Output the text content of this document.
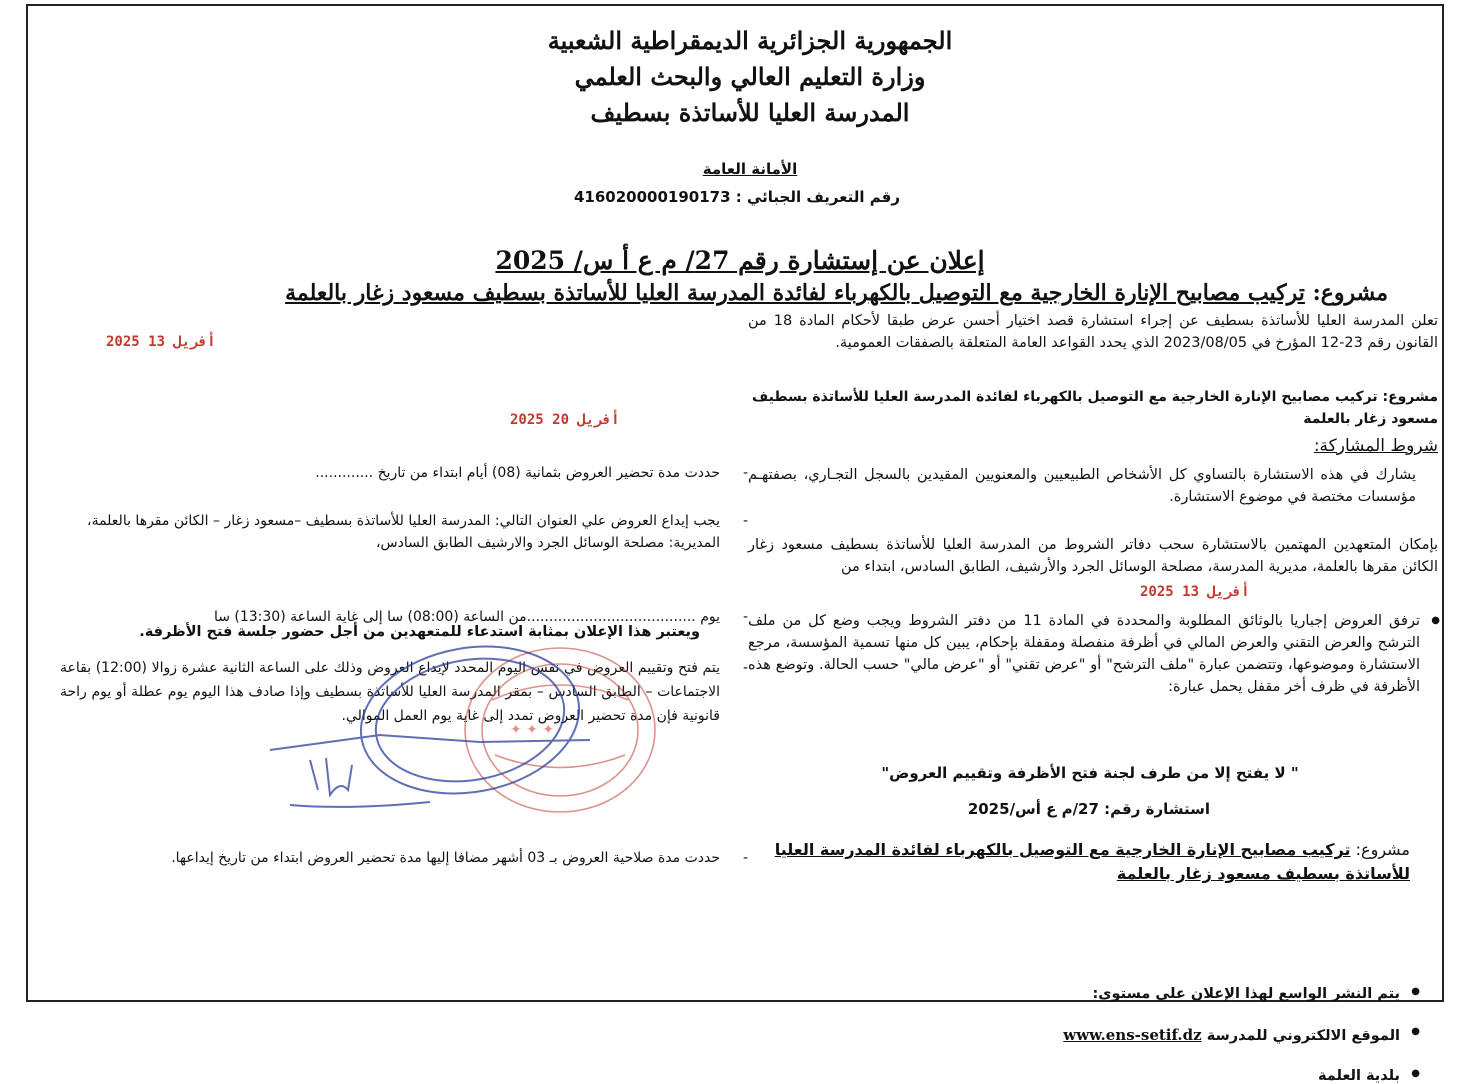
الجمهورية الجزائرية الديمقراطية الشعبية
وزارة التعليم العالي والبحث العلمي
المدرسة العليا للأساتذة بسطيف
الأمانة العامة
رقم التعريف الجبائي : 416020000190173
إعلان عن إستشارة رقم 27/ م ع أ س/ 2025
مشروع: تركيب مصابيح الإنارة الخارجية مع التوصيل بالكهرباء لفائدة المدرسة العليا للأساتذة بسطيف مسعود زغار بالعلمة
تعلن المدرسة العليا للأساتذة بسطيف عن إجراء استشارة قصد اختيار أحسن عرض طبقا لأحكام المادة 18 من القانون رقم 23-12 المؤرخ في 2023/08/05 الذي يحدد القواعد العامة المتعلقة بالصفقات العمومية.
مشروع: تركيب مصابيح الإنارة الخارجية مع التوصيل بالكهرباء لفائدة المدرسة العليا للأساتذة بسطيف مسعود زغار بالعلمة
شروط المشاركة:
يشارك في هذه الاستشارة بالتساوي كل الأشخاص الطبيعيين والمعنويين المقيدين بالسجل التجـاري، بصفتهـم مؤسسات مختصة في موضوع الاستشارة.
بإمكان المتعهدين المهتمين بالاستشارة سحب دفاتر الشروط من المدرسة العليا للأساتذة بسطيف مسعود زغار الكائن مقرها بالعلمة، مديرية المدرسة، مصلحة الوسائل الجرد والأرشيف، الطابق السادس، ابتداء من
● ترفق العروض إجباريا بالوثائق المطلوبة والمحددة في المادة 11 من دفتر الشروط ويجب وضع كل من ملف الترشح والعرض التقني والعرض المالي في أظرفة منفصلة ومقفلة بإحكام، يبين كل منها تسمية المؤسسة، مرجع الاستشارة وموضوعها، وتتضمن عبارة "ملف الترشح" أو "عرض تقني" أو "عرض مالي" حسب الحالة. وتوضع هذه الأظرفة في ظرف أخر مقفل يحمل عبارة:
" لا يفتح إلا من طرف لجنة فتح الأظرفة وتقييم العروض"
استشارة رقم: 27/م ع أس/2025
مشروع: تركيب مصابيح الإنارة الخارجية مع التوصيل بالكهرباء لفائدة المدرسة العليا للأساتذة بسطيف مسعود زغار بالعلمة
● يتم النشر الواسع لهذا الإعلان على مستوى:
● الموقع الالكتروني للمدرسة www.ens-setif.dz
● بلدية العلمة
- حددت مدة تحضير العروض بثمانية (08) أيام ابتداء من تاريخ .............
- يجب إيداع العروض علي العنوان التالي: المدرسة العليا للأساتذة بسطيف –مسعود زغار – الكائن مقرها بالعلمة، المديرية: مصلحة الوسائل الجرد والارشيف الطابق السادس،
- يوم ......................................من الساعة (08:00) سا إلى غاية الساعة (13:30) سا
- يتم فتح وتقييم العروض في نفس اليوم المحدد لإيداع العروض وذلك على الساعة الثانية عشرة زوالا (12:00) بقاعة الاجتماعات – الطابق السادس – بمقر المدرسة العليا للأساتذة بسطيف وإذا صادف هذا اليوم يوم عطلة أو يوم راحة قانونية فإن مدة تحضير العروض تمدد إلى غاية يوم العمل الموالي.
- حددت مدة صلاحية العروض بـ 03 أشهر مضافا إليها مدة تحضير العروض ابتداء من تاريخ إيداعها.
ويعتبر هذا الإعلان بمثابة استدعاء للمتعهدين من أجل حضور جلسة فتح الأظرفة.
2025 أفريل 13
2025 أفريل 20
2025 أفريل 13
✦ ✦ ✦
